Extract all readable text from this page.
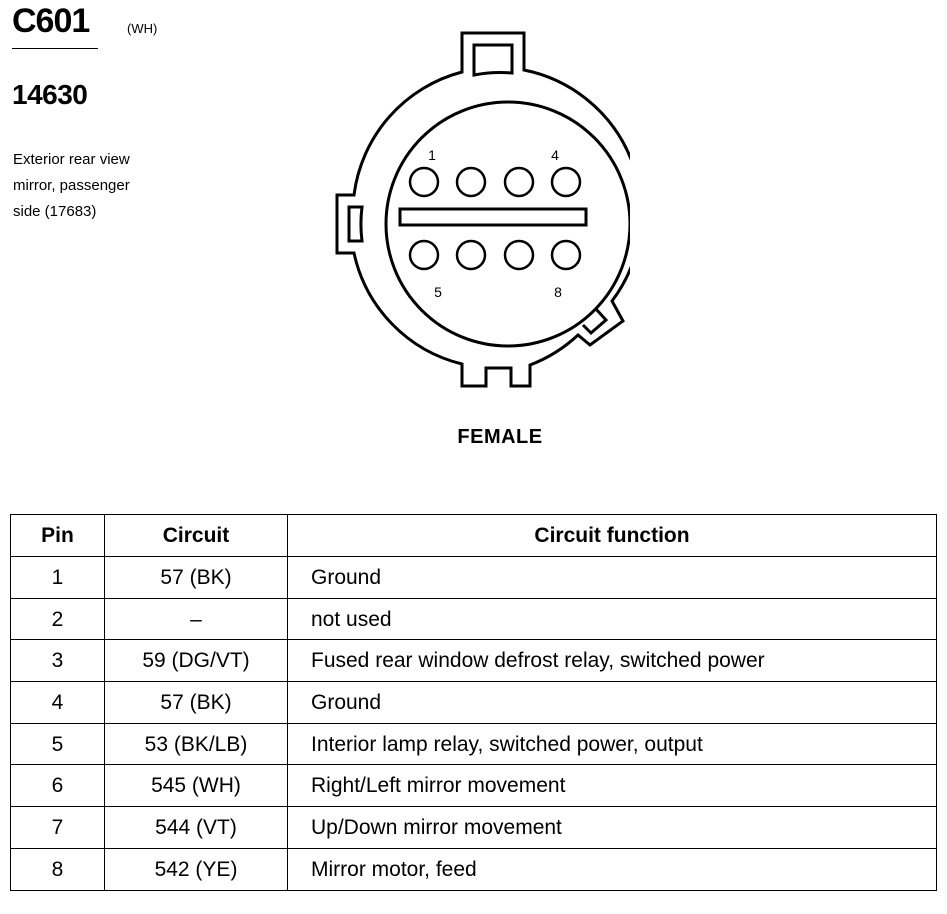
C601	(WH)
14630
Exterior rear view
mirror, passenger
side (17683)
1	4
5	8
FEMALE
Pin	Circuit	Circuit function
1	57 (BK)	Ground
2	–	not used
3	59 (DG/VT)	Fused rear window defrost relay, switched power
4	57 (BK)	Ground
5	53 (BK/LB)	Interior lamp relay, switched power, output
6	545 (WH)	Right/Left mirror movement
7	544 (VT)	Up/Down mirror movement
8	542 (YE)	Mirror motor, feed
